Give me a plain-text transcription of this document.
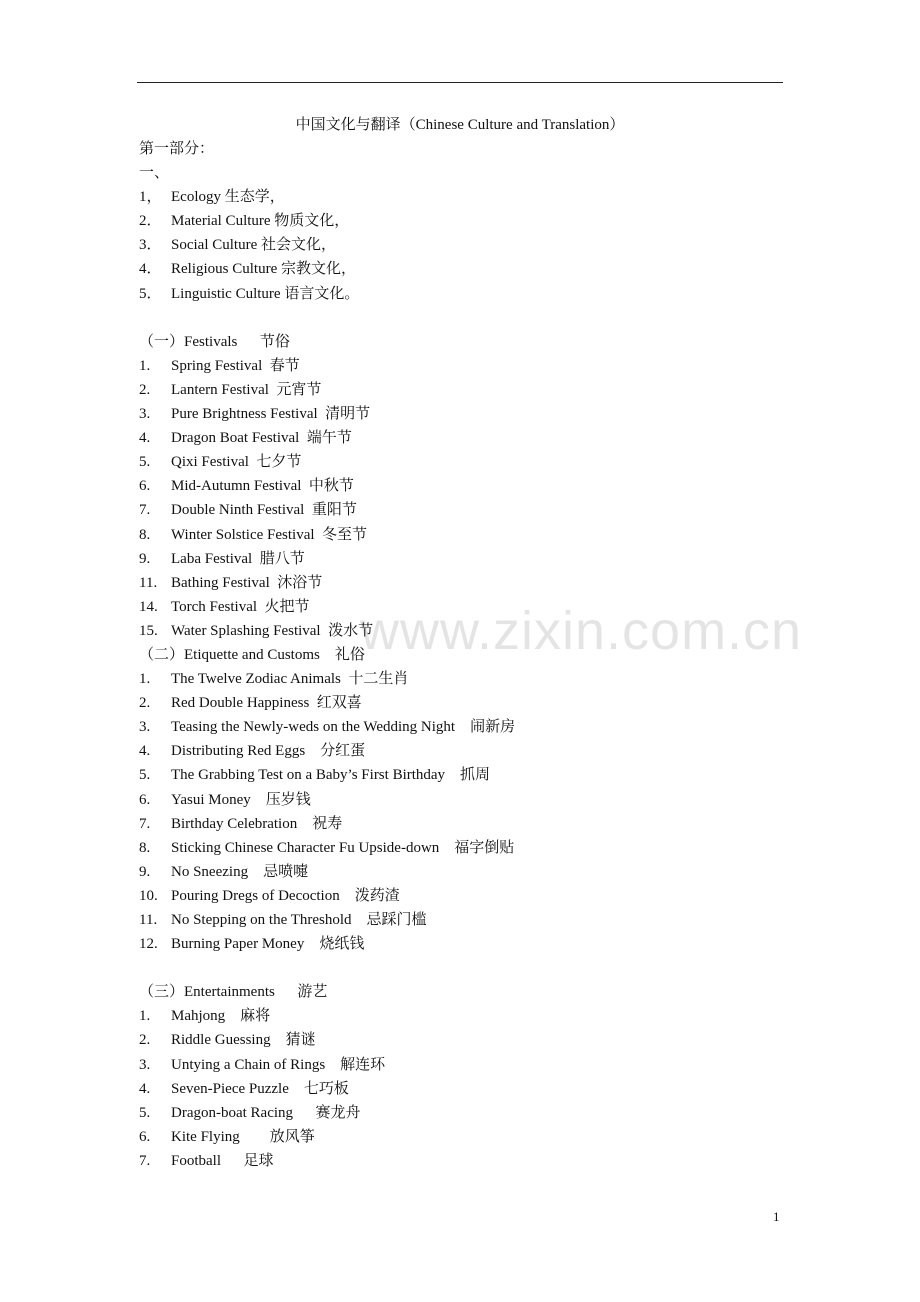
中国文化与翻译（Chinese Culture and Translation）
第一部分：
一、
1， Ecology 生态学，
2． Material Culture 物质文化，
3． Social Culture 社会文化，
4． Religious Culture 宗教文化，
5． Linguistic Culture 语言文化。
（一）Festivals      节俗
1. Spring Festival  春节
2. Lantern Festival  元宵节
3. Pure Brightness Festival  清明节
4. Dragon Boat Festival  端午节
5. Qixi Festival  七夕节
6. Mid-Autumn Festival  中秋节
7. Double Ninth Festival  重阳节
8. Winter Solstice Festival  冬至节
9. Laba Festival  腊八节
11. Bathing Festival  沐浴节
14. Torch Festival  火把节
15. Water Splashing Festival  泼水节
（二）Etiquette and Customs    礼俗
1. The Twelve Zodiac Animals  十二生肖
2. Red Double Happiness  红双喜
3. Teasing the Newly-weds on the Wedding Night    闹新房
4. Distributing Red Eggs    分红蛋
5. The Grabbing Test on a Baby’s First Birthday    抓周
6. Yasui Money    压岁钱
7. Birthday Celebration    祝寿
8. Sticking Chinese Character Fu Upside-down    福字倒贴
9. No Sneezing    忌喷嚏
10. Pouring Dregs of Decoction    泼药渣
11. No Stepping on the Threshold    忌踩门槛
12. Burning Paper Money    烧纸钱
（三）Entertainments      游艺
1. Mahjong    麻将
2. Riddle Guessing    猜谜
3. Untying a Chain of Rings    解连环
4. Seven-Piece Puzzle    七巧板
5. Dragon-boat Racing      赛龙舟
6. Kite Flying        放风筝
7. Football      足球
www.zixin.com.cn
1
